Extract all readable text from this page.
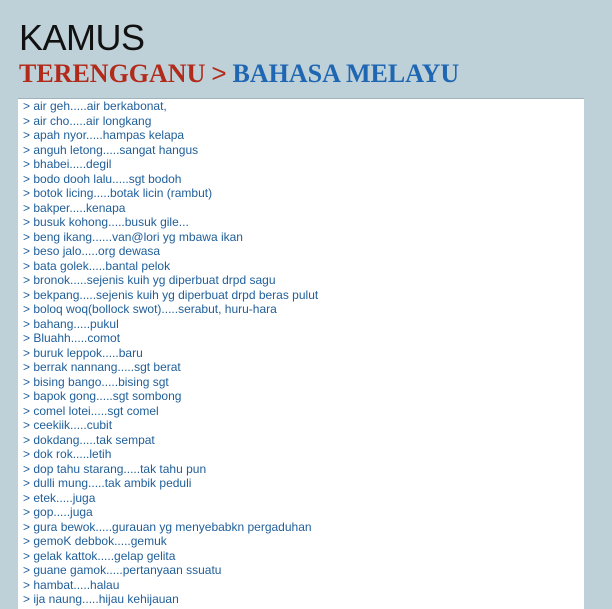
KAMUS
TERENGGANU > BAHASA MELAYU
> air geh.....air berkabonat,
> air cho.....air longkang
> apah nyor.....hampas kelapa
> anguh letong.....sangat hangus
> bhabei.....degil
> bodo dooh lalu.....sgt bodoh
> botok licing.....botak licin (rambut)
> bakper.....kenapa
> busuk kohong.....busuk gile...
> beng ikang......van@lori yg mbawa ikan
> beso jalo.....org dewasa
> bata golek.....bantal pelok
> bronok.....sejenis kuih yg diperbuat drpd sagu
> bekpang.....sejenis kuih yg diperbuat drpd beras pulut
> boloq woq(bollock swot).....serabut, huru-hara
> bahang.....pukul
> Bluahh.....comot
> buruk leppok.....baru
> berrak nannang.....sgt berat
> bising bango.....bising sgt
> bapok gong.....sgt sombong
> comel lotei.....sgt comel
> ceekiik.....cubit
> dokdang.....tak sempat
> dok rok.....letih
> dop tahu starang.....tak tahu pun
> dulli mung.....tak ambik peduli
> etek.....juga
> gop.....juga
> gura bewok.....gurauan yg menyebabkn pergaduhan
> gemoK debbok.....gemuk
> gelak kattok.....gelap gelita
> guane gamok.....pertanyaan ssuatu
> hambat.....halau
> ija naung.....hijau kehijauan
